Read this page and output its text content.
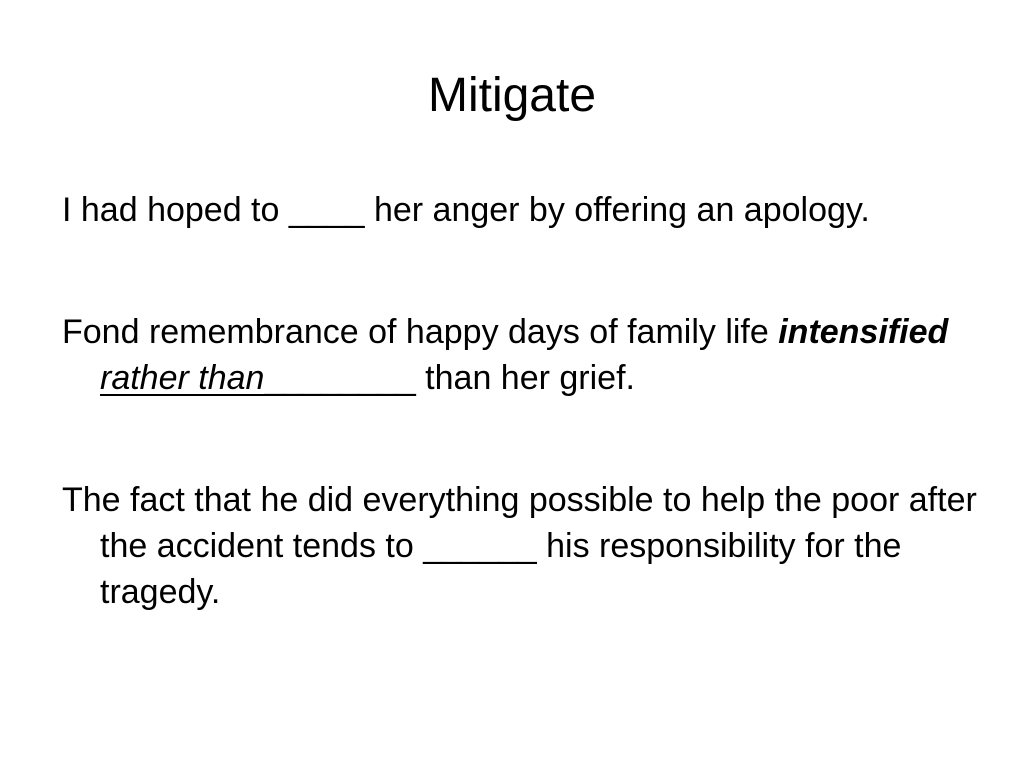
Mitigate

I had hoped to ____ her anger by offering an apology.

Fond remembrance of happy days of family life intensified rather than________ than her grief.

The fact that he did everything possible to help the poor after the accident tends to ______ his responsibility for the tragedy.
